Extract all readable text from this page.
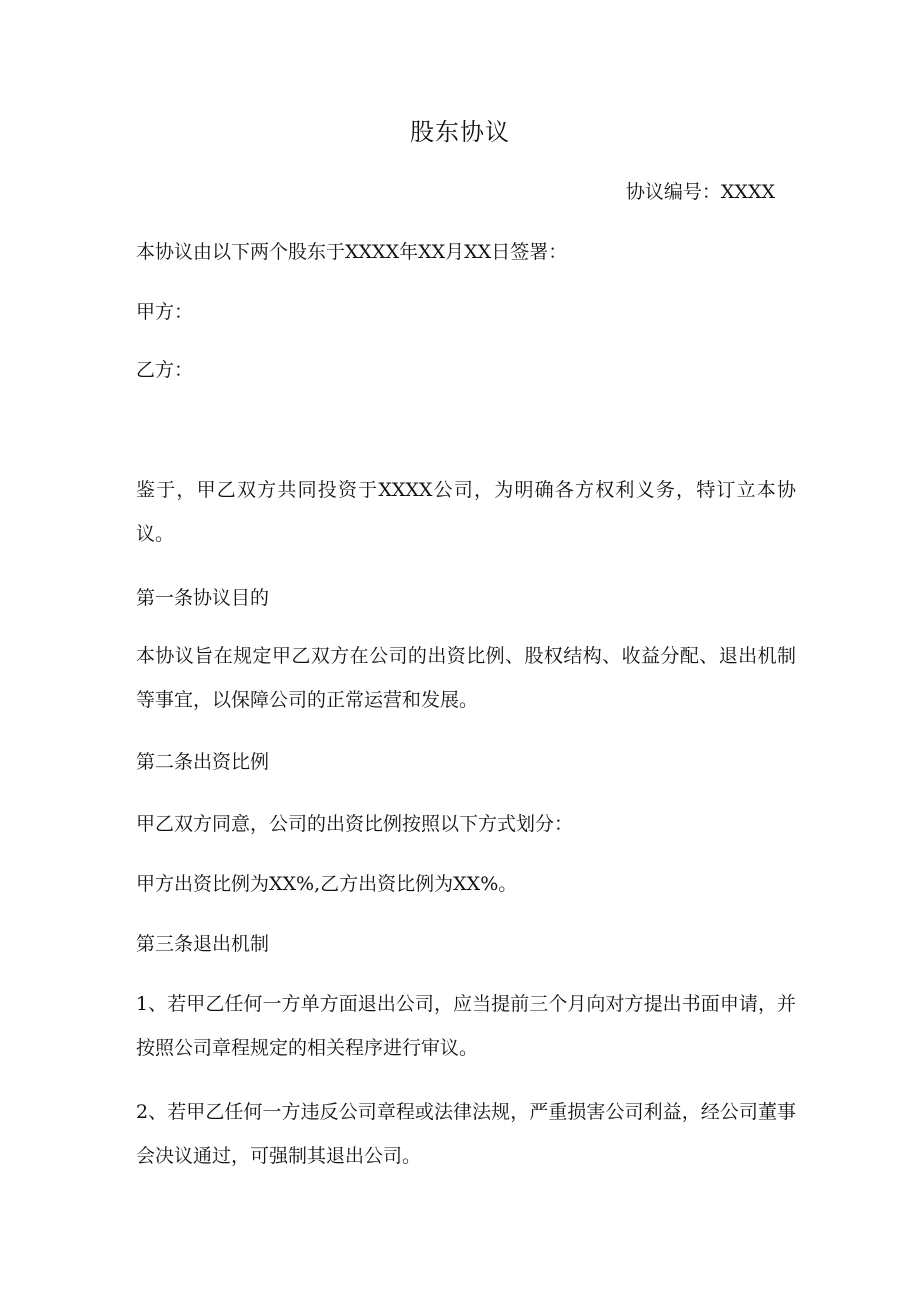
股东协议
协议编号：XXXX
本协议由以下两个股东于XXXX年XX月XX日签署：
甲方：
乙方：
鉴于，甲乙双方共同投资于XXXX公司，为明确各方权利义务，特订立本协议。
第一条协议目的
本协议旨在规定甲乙双方在公司的出资比例、股权结构、收益分配、退出机制等事宜，以保障公司的正常运营和发展。
第二条出资比例
甲乙双方同意，公司的出资比例按照以下方式划分：
甲方出资比例为XX%,乙方出资比例为XX%。
第三条退出机制
1、若甲乙任何一方单方面退出公司，应当提前三个月向对方提出书面申请，并按照公司章程规定的相关程序进行审议。
2、若甲乙任何一方违反公司章程或法律法规，严重损害公司利益，经公司董事会决议通过，可强制其退出公司。
